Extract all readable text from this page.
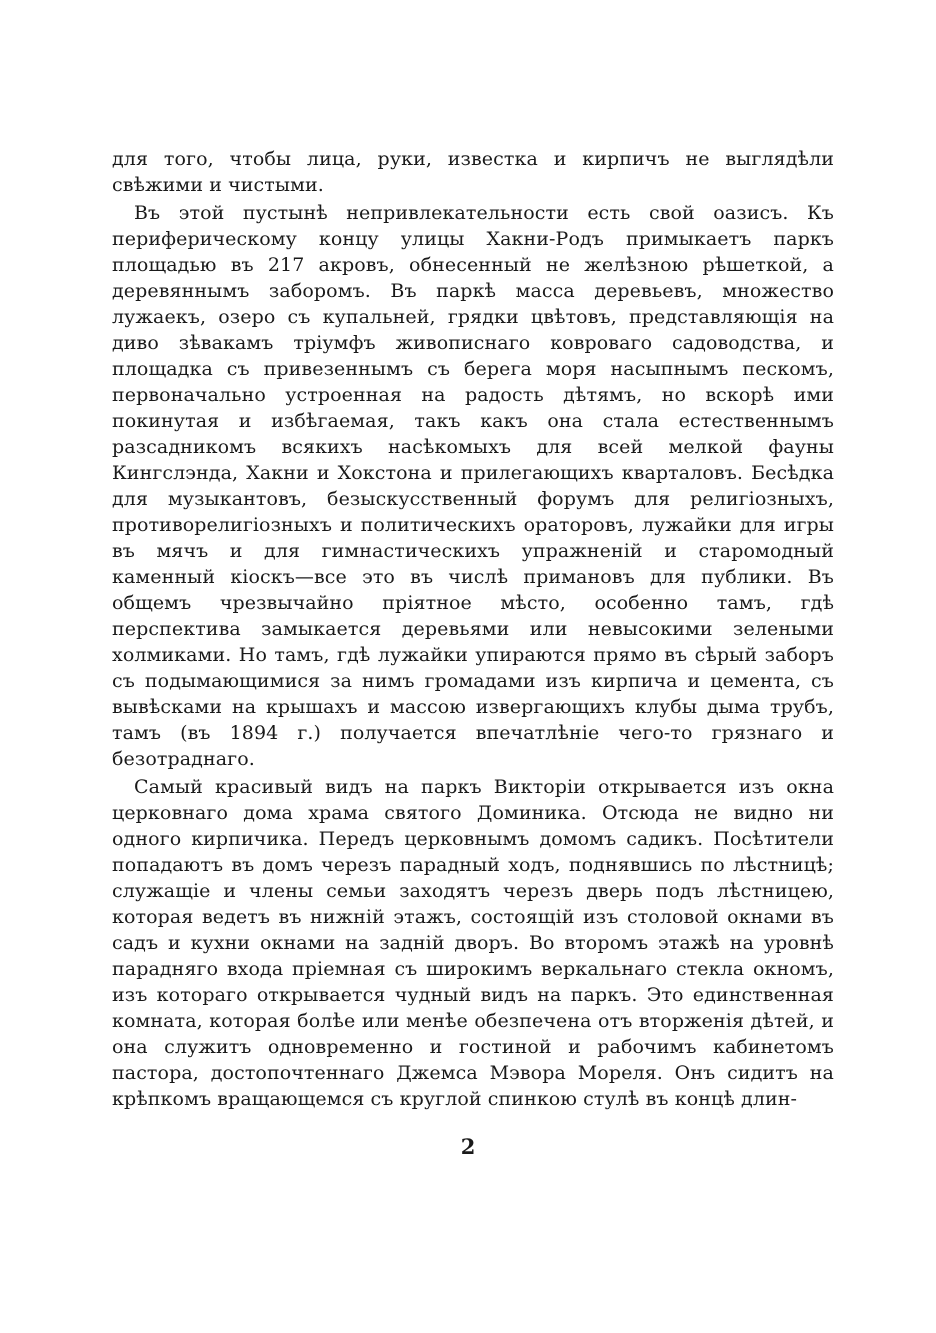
для того, чтобы лица, руки, известка и кирпичъ не выглядѣли свѣжими и чистыми.

Въ этой пустынѣ непривлекательности есть свой оазисъ. Къ периферическому концу улицы Хакни-Родъ примыкаетъ паркъ площадью въ 217 акровъ, обнесенный не желѣзною рѣшеткой, а деревяннымъ заборомъ. Въ паркѣ масса деревьевъ, множество лужаекъ, озеро съ купальней, грядки цвѣтовъ, представляющія на диво зѣвакамъ тріумфъ живописнаго ковроваго садоводства, и площадка съ привезеннымъ съ берега моря насыпнымъ пескомъ, первоначально устроенная на радость дѣтямъ, но вскорѣ ими покинутая и избѣгаемая, такъ какъ она стала естественнымъ разсадникомъ всякихъ насѣкомыхъ для всей мелкой фауны Кингслэнда, Хакни и Хокстона и прилегающихъ кварталовъ. Бесѣдка для музыкантовъ, безыскусственный форумъ для религіозныхъ, противорелигіозныхъ и политическихъ ораторовъ, лужайки для игры въ мячъ и для гимнастическихъ упражненій и старомодный каменный кіоскъ—все это въ числѣ примановъ для публики. Въ общемъ чрезвычайно пріятное мѣсто, особенно тамъ, гдѣ перспектива замыкается деревьями или невысокими зелеными холмиками. Но тамъ, гдѣ лужайки упираются прямо въ сѣрый заборъ съ подымающимися за нимъ громадами изъ кирпича и цемента, съ вывѣсками на крышахъ и массою извергающихъ клубы дыма трубъ, тамъ (въ 1894 г.) получается впечатлѣніе чего-то грязнаго и безотраднаго.

Самый красивый видъ на паркъ Викторіи открывается изъ окна церковнаго дома храма святого Доминика. Отсюда не видно ни одного кирпичика. Передъ церковнымъ домомъ садикъ. Посѣтители попадаютъ въ домъ черезъ парадный ходъ, поднявшись по лѣстницѣ; служащіе и члены семьи заходятъ черезъ дверь подъ лѣстницею, которая ведетъ въ нижній этажъ, состоящій изъ столовой окнами въ садъ и кухни окнами на задній дворъ. Во второмъ этажѣ на уровнѣ парадняго входа пріемная съ широкимъ веркальнаго стекла окномъ, изъ котораго открывается чудный видъ на паркъ. Это единственная комната, которая болѣе или менѣе обезпечена отъ вторженія дѣтей, и она служитъ одновременно и гостиной и рабочимъ кабинетомъ пастора, достопочтеннаго Джемса Мэвора Мореля. Онъ сидитъ на крѣпкомъ вращающемся съ круглой спинкою стулѣ въ концѣ длин-

2
